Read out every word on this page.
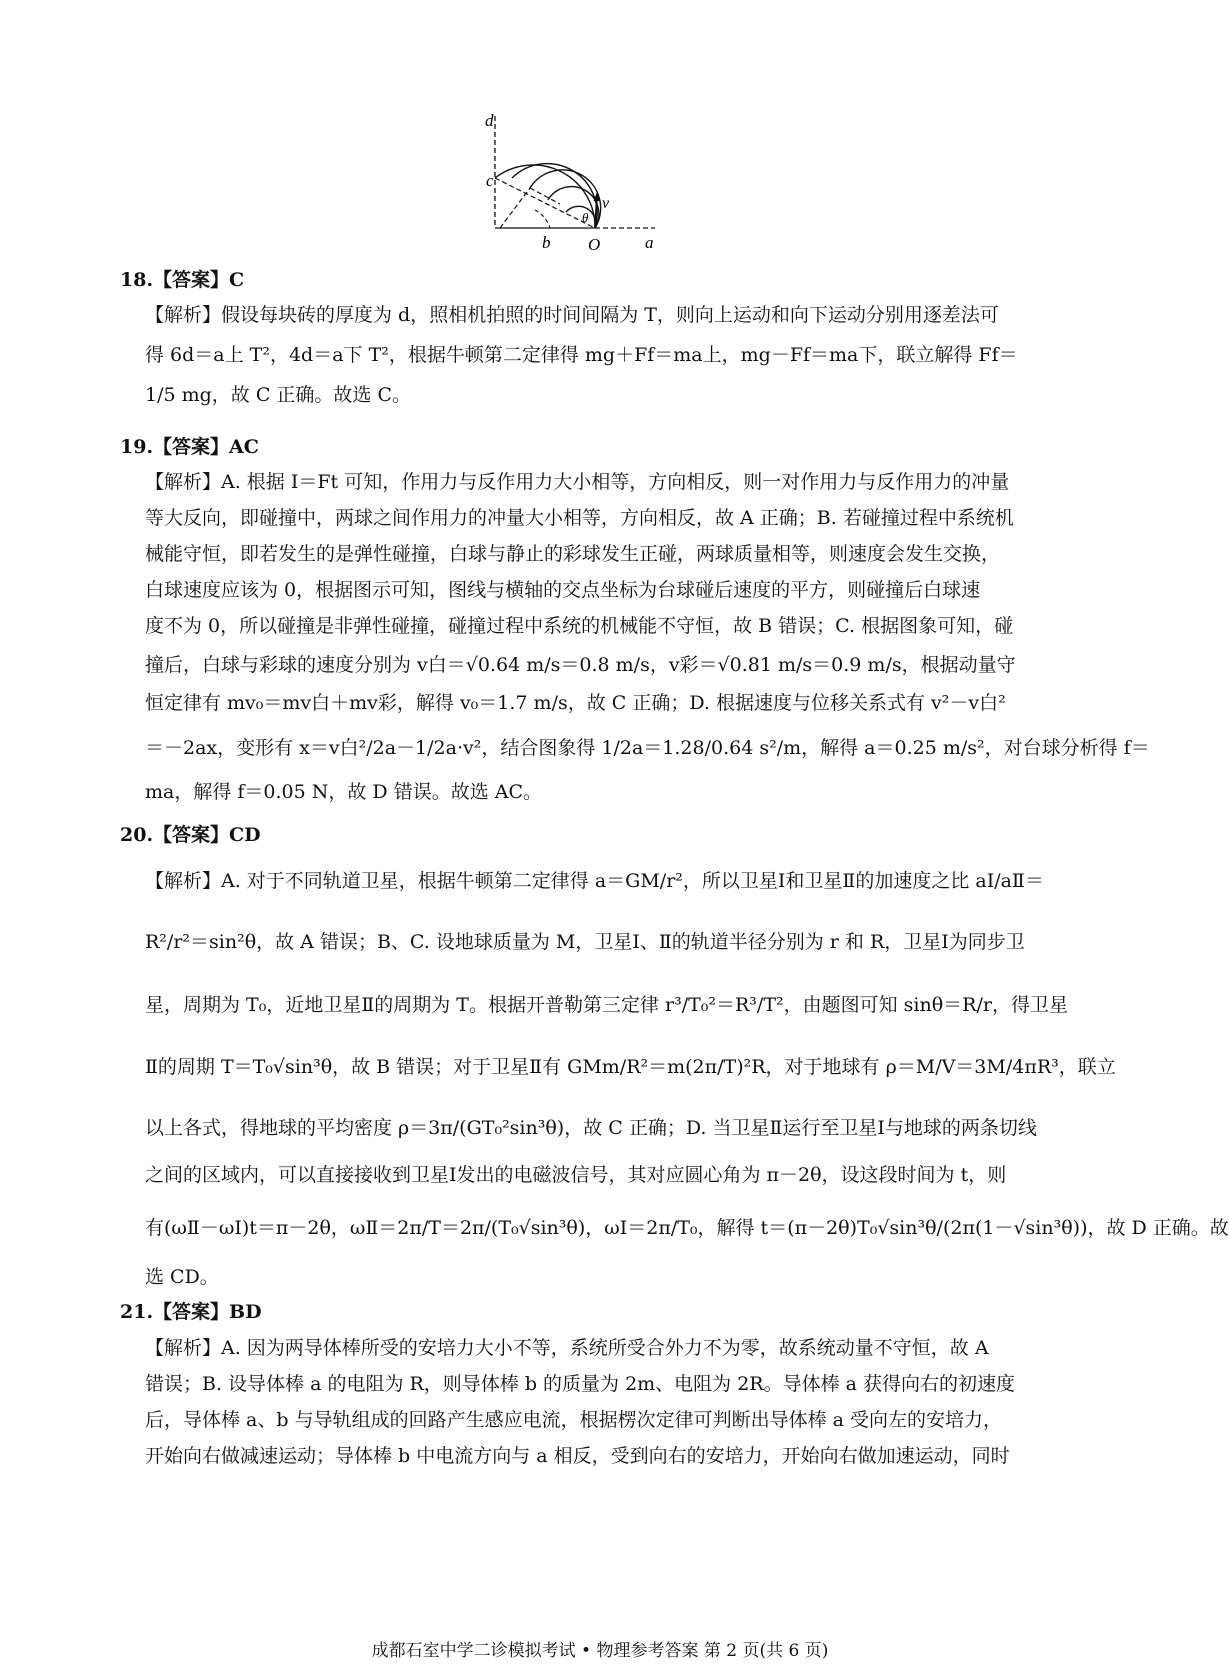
d
c
b O	a
v
θ
18.【答案】C
【解析】假设每块砖的厚度为 d，照相机拍照的时间间隔为 T，则向上运动和向下运动分别用逐差法可
得 6d＝a上 T²，4d＝a下 T²，根据牛顿第二定律得 mg＋Ff＝ma上，mg－Ff＝ma下，联立解得 Ff＝
1/5 mg，故 C 正确。故选 C。
19.【答案】AC
【解析】A. 根据 I＝Ft 可知，作用力与反作用力大小相等，方向相反，则一对作用力与反作用力的冲量
等大反向，即碰撞中，两球之间作用力的冲量大小相等，方向相反，故 A 正确；B. 若碰撞过程中系统机
械能守恒，即若发生的是弹性碰撞，白球与静止的彩球发生正碰，两球质量相等，则速度会发生交换，
白球速度应该为 0，根据图示可知，图线与横轴的交点坐标为台球碰后速度的平方，则碰撞后白球速
度不为 0，所以碰撞是非弹性碰撞，碰撞过程中系统的机械能不守恒，故 B 错误；C. 根据图象可知，碰
撞后，白球与彩球的速度分别为 v白＝√0.64 m/s＝0.8 m/s，v彩＝√0.81 m/s＝0.9 m/s，根据动量守
恒定律有 mv₀＝mv白＋mv彩，解得 v₀＝1.7 m/s，故 C 正确；D. 根据速度与位移关系式有 v²－v白²
＝－2ax，变形有 x＝v白²/2a－1/2a·v²，结合图象得 1/2a＝1.28/0.64 s²/m，解得 a＝0.25 m/s²，对台球分析得 f＝
ma，解得 f＝0.05 N，故 D 错误。故选 AC。
20.【答案】CD
【解析】A. 对于不同轨道卫星，根据牛顿第二定律得 a＝GM/r²，所以卫星Ⅰ和卫星Ⅱ的加速度之比 aⅠ/aⅡ＝
R²/r²＝sin²θ，故 A 错误；B、C. 设地球质量为 M，卫星Ⅰ、Ⅱ的轨道半径分别为 r 和 R，卫星Ⅰ为同步卫
星，周期为 T₀，近地卫星Ⅱ的周期为 T。根据开普勒第三定律 r³/T₀²＝R³/T²，由题图可知 sinθ＝R/r，得卫星
Ⅱ的周期 T＝T₀√sin³θ，故 B 错误；对于卫星Ⅱ有 GMm/R²＝m(2π/T)²R，对于地球有 ρ＝M/V＝3M/4πR³，联立
以上各式，得地球的平均密度 ρ＝3π/(GT₀²sin³θ)，故 C 正确；D. 当卫星Ⅱ运行至卫星Ⅰ与地球的两条切线
之间的区域内，可以直接接收到卫星Ⅰ发出的电磁波信号，其对应圆心角为 π－2θ，设这段时间为 t，则
有(ωⅡ－ωⅠ)t＝π－2θ，ωⅡ＝2π/T＝2π/(T₀√sin³θ)，ωⅠ＝2π/T₀，解得 t＝(π－2θ)T₀√sin³θ/(2π(1－√sin³θ))，故 D 正确。故
选 CD。
21.【答案】BD
【解析】A. 因为两导体棒所受的安培力大小不等，系统所受合外力不为零，故系统动量不守恒，故 A
错误；B. 设导体棒 a 的电阻为 R，则导体棒 b 的质量为 2m、电阻为 2R。导体棒 a 获得向右的初速度
后，导体棒 a、b 与导轨组成的回路产生感应电流，根据楞次定律可判断出导体棒 a 受向左的安培力，
开始向右做减速运动；导体棒 b 中电流方向与 a 相反，受到向右的安培力，开始向右做加速运动，同时
成都石室中学二诊模拟考试 • 物理参考答案 第 2 页(共 6 页)
